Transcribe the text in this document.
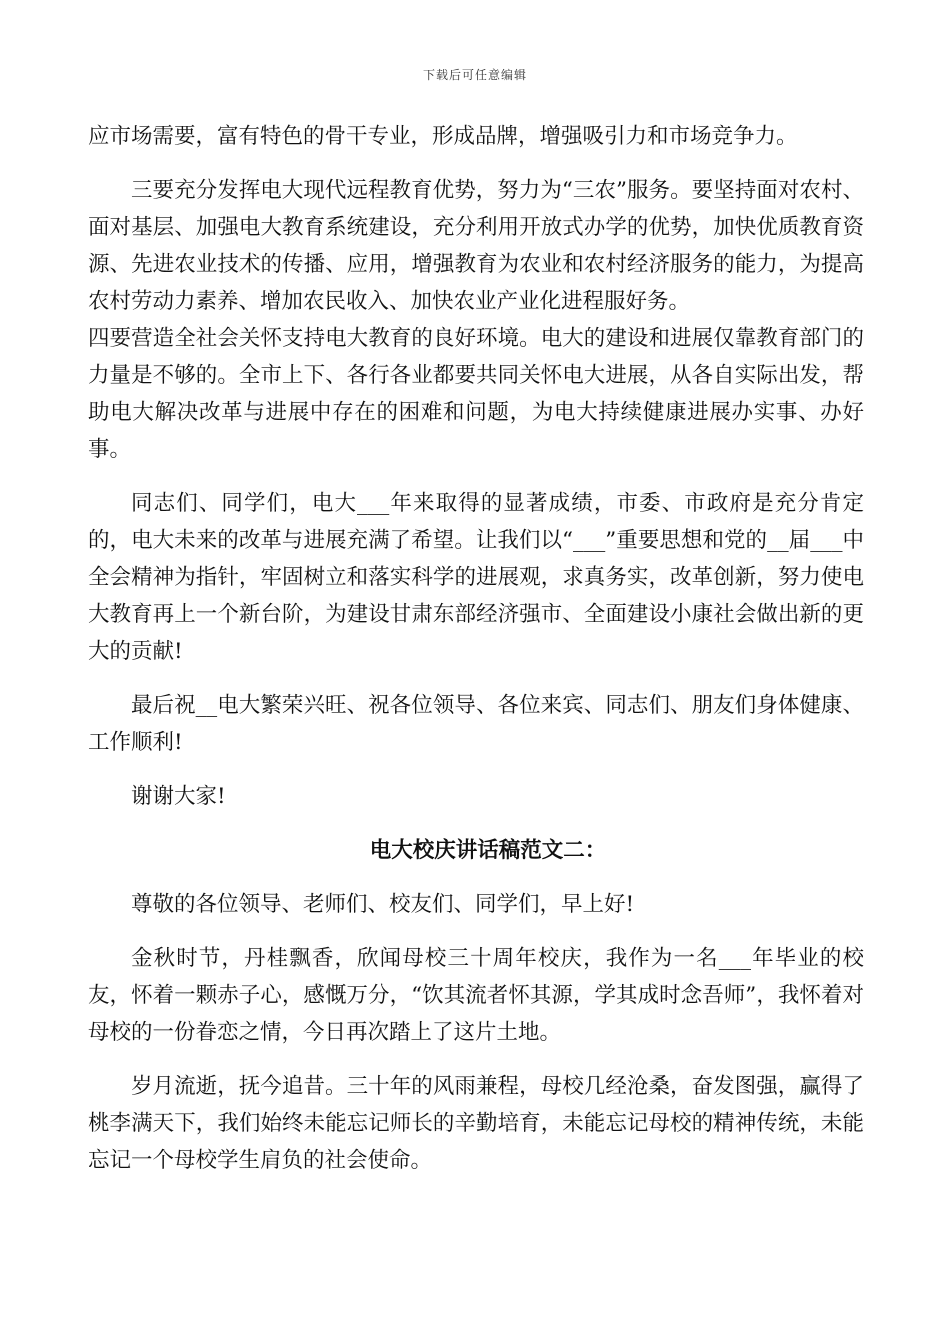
下载后可任意编辑

应市场需要，富有特色的骨干专业，形成品牌，增强吸引力和市场竞争力。

三要充分发挥电大现代远程教育优势，努力为“三农”服务。要坚持面对农村、面对基层、加强电大教育系统建设，充分利用开放式办学的优势，加快优质教育资源、先进农业技术的传播、应用，增强教育为农业和农村经济服务的能力，为提高农村劳动力素养、增加农民收入、加快农业产业化进程服好务。

四要营造全社会关怀支持电大教育的良好环境。电大的建设和进展仅靠教育部门的力量是不够的。全市上下、各行各业都要共同关怀电大进展，从各自实际出发，帮助电大解决改革与进展中存在的困难和问题，为电大持续健康进展办实事、办好事。

同志们、同学们，电大___年来取得的显著成绩，市委、市政府是充分肯定的，电大未来的改革与进展充满了希望。让我们以“___”重要思想和党的__届___中全会精神为指针，牢固树立和落实科学的进展观，求真务实，改革创新，努力使电大教育再上一个新台阶，为建设甘肃东部经济强市、全面建设小康社会做出新的更大的贡献!

最后祝__电大繁荣兴旺、祝各位领导、各位来宾、同志们、朋友们身体健康、工作顺利!

谢谢大家!

电大校庆讲话稿范文二：

尊敬的各位领导、老师们、校友们、同学们，早上好!

金秋时节，丹桂飘香，欣闻母校三十周年校庆，我作为一名___年毕业的校友，怀着一颗赤子心，感慨万分，“饮其流者怀其源，学其成时念吾师”，我怀着对母校的一份眷恋之情，今日再次踏上了这片土地。

岁月流逝，抚今追昔。三十年的风雨兼程，母校几经沧桑，奋发图强，赢得了桃李满天下，我们始终未能忘记师长的辛勤培育，未能忘记母校的精神传统，未能忘记一个母校学生肩负的社会使命。
